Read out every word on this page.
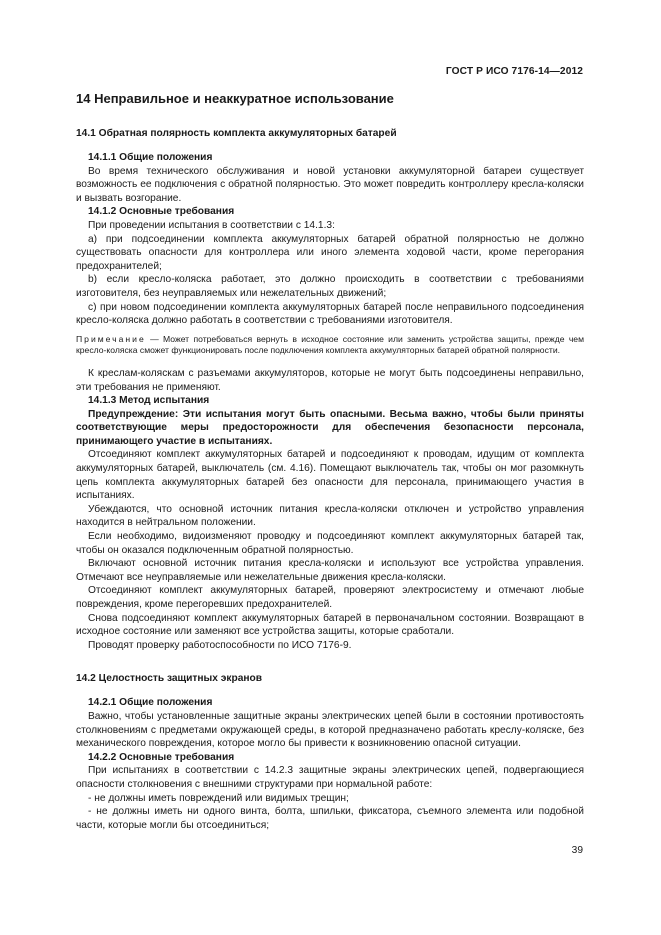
ГОСТ Р ИСО 7176-14—2012
14 Неправильное и неаккуратное использование
14.1 Обратная полярность комплекта аккумуляторных батарей
14.1.1 Общие положения

Во время технического обслуживания и новой установки аккумуляторной батареи существует возможность ее подключения с обратной полярностью. Это может повредить контроллеру кресла-коляски и вызвать возгорание.

14.1.2 Основные требования

При проведении испытания в соответствии с 14.1.3:

а) при подсоединении комплекта аккумуляторных батарей обратной полярностью не должно существовать опасности для контроллера или иного элемента ходовой части, кроме перегорания предохранителей;

b) если кресло-коляска работает, это должно происходить в соответствии с требованиями изготовителя, без неуправляемых или нежелательных движений;

с) при новом подсоединении комплекта аккумуляторных батарей после неправильного подсоединения кресло-коляска должно работать в соответствии с требованиями изготовителя.

Примечание — Может потребоваться вернуть в исходное состояние или заменить устройства защиты, прежде чем кресло-коляска сможет функционировать после подключения комплекта аккумуляторных батарей обратной полярности.

К креслам-коляскам с разъемами аккумуляторов, которые не могут быть подсоединены неправильно, эти требования не применяют.

14.1.3 Метод испытания

Предупреждение: Эти испытания могут быть опасными. Весьма важно, чтобы были приняты соответствующие меры предосторожности для обеспечения безопасности персонала, принимающего участие в испытаниях.

Отсоединяют комплект аккумуляторных батарей и подсоединяют к проводам, идущим от комплекта аккумуляторных батарей, выключатель (см. 4.16). Помещают выключатель так, чтобы он мог разомкнуть цепь комплекта аккумуляторных батарей без опасности для персонала, принимающего участия в испытаниях.

Убеждаются, что основной источник питания кресла-коляски отключен и устройство управления находится в нейтральном положении.

Если необходимо, видоизменяют проводку и подсоединяют комплект аккумуляторных батарей так, чтобы он оказался подключенным обратной полярностью.

Включают основной источник питания кресла-коляски и используют все устройства управления. Отмечают все неуправляемые или нежелательные движения кресла-коляски.

Отсоединяют комплект аккумуляторных батарей, проверяют электросистему и отмечают любые повреждения, кроме перегоревших предохранителей.

Снова подсоединяют комплект аккумуляторных батарей в первоначальном состоянии. Возвращают в исходное состояние или заменяют все устройства защиты, которые сработали.

Проводят проверку работоспособности по ИСО 7176-9.

14.2 Целостность защитных экранов
14.2.1 Общие положения

Важно, чтобы установленные защитные экраны электрических цепей были в состоянии противостоять столкновениям с предметами окружающей среды, в которой предназначено работать креслу-коляске, без механического повреждения, которое могло бы привести к возникновению опасной ситуации.

14.2.2 Основные требования

При испытаниях в соответствии с 14.2.3 защитные экраны электрических цепей, подвергающиеся опасности столкновения с внешними структурами при нормальной работе:

- не должны иметь повреждений или видимых трещин;

- не должны иметь ни одного винта, болта, шпильки, фиксатора, съемного элемента или подобной части, которые могли бы отсоединиться;

39
